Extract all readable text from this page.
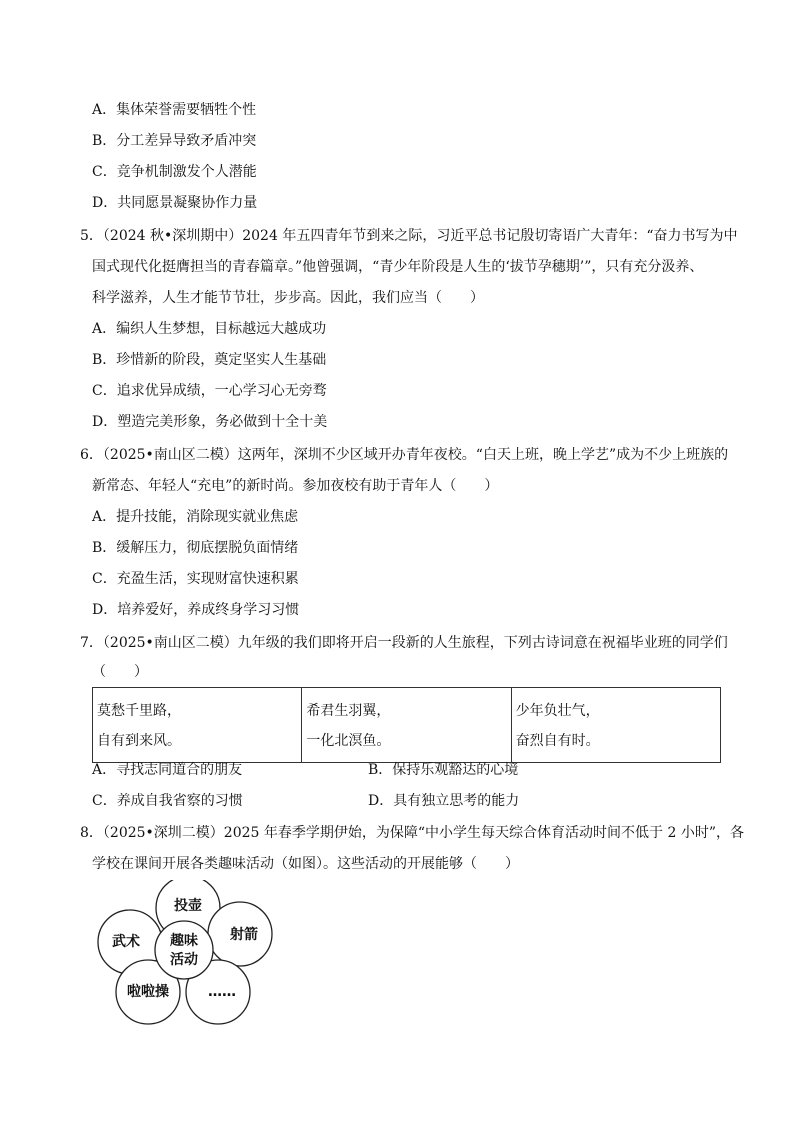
A．集体荣誉需要牺牲个性
B．分工差异导致矛盾冲突
C．竞争机制激发个人潜能
D．共同愿景凝聚协作力量
5．（2024 秋•深圳期中）2024 年五四青年节到来之际，习近平总书记殷切寄语广大青年：“奋力书写为中
国式现代化挺膺担当的青春篇章。”他曾强调，“青少年阶段是人生的‘拔节孕穗期’”，只有充分汲养、
科学滋养，人生才能节节壮，步步高。因此，我们应当（　　）
A．编织人生梦想，目标越远大越成功
B．珍惜新的阶段，奠定坚实人生基础
C．追求优异成绩，一心学习心无旁骛
D．塑造完美形象，务必做到十全十美
6．（2025•南山区二模）这两年，深圳不少区域开办青年夜校。“白天上班，晚上学艺”成为不少上班族的
新常态、年轻人“充电”的新时尚。参加夜校有助于青年人（　　）
A．提升技能，消除现实就业焦虑
B．缓解压力，彻底摆脱负面情绪
C．充盈生活，实现财富快速积累
D．培养爱好，养成终身学习习惯
7．（2025•南山区二模）九年级的我们即将开启一段新的人生旅程，下列古诗词意在祝福毕业班的同学们
（　　）
莫愁千里路，
自有到来风。

希君生羽翼，
一化北溟鱼。

少年负壮气，
奋烈自有时。
A．寻找志同道合的朋友	B．保持乐观豁达的心境
C．养成自我省察的习惯	D．具有独立思考的能力
8．（2025•深圳二模）2025 年春季学期伊始，为保障“中小学生每天综合体育活动时间不低于 2 小时”，各
学校在课间开展各类趣味活动（如图）。这些活动的开展能够（　　）
投壶
射箭
武术
啦啦操	……
趣味
活动
